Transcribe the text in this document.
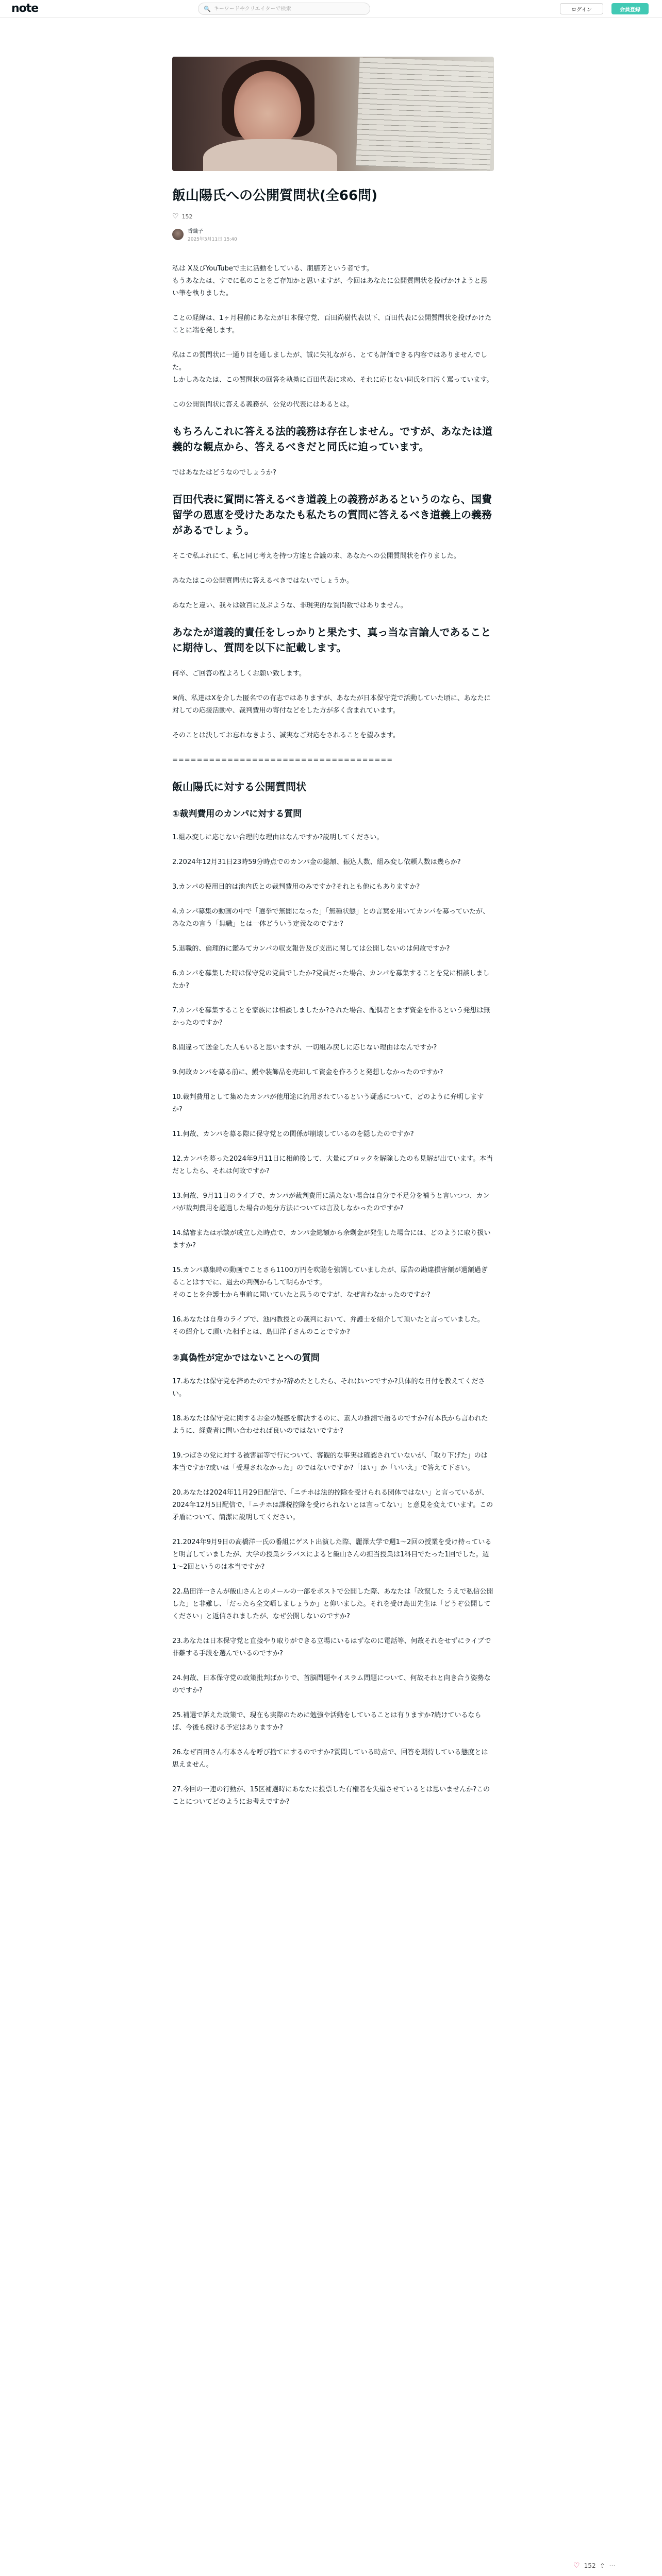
note	🔍
キーワードやクリエイターで検索	ログイン	会員登録
飯山陽氏への公開質問状(全66問)
♡ 152
香織子
2025年3月11日 15:40

私は X及びYouTubeで主に活動をしている、朋膳芳という者です。
もうあなたは、すでに私のことをご存知かと思いますが、今回はあなたに公開質問状を投げかけようと思い筆を執りました。

ことの経緯は、1ヶ月程前にあなたが日本保守党、百田尚樹代表以下、百田代表に公開質問状を投げかけたことに端を発します。

私はこの質問状に一通り目を通しましたが、誠に失礼ながら、とても評価できる内容ではありませんでした。
しかしあなたは、この質問状の回答を執拗に百田代表に求め、それに応じない同氏を口汚く罵っています。

この公開質問状に答える義務が、公党の代表にはあるとは。

もちろんこれに答える法的義務は存在しません。ですが、あなたは道義的な観点から、答えるべきだと同氏に迫っています。

ではあなたはどうなのでしょうか?

百田代表に質問に答えるべき道義上の義務があるというのなら、国費留学の恩恵を受けたあなたも私たちの質問に答えるべき道義上の義務があるでしょう。

そこで私ふれにて、私と同じ考えを持つ方達と合議の末、あなたへの公開質問状を作りました。

あなたはこの公開質問状に答えるべきではないでしょうか。

あなたと違い、我々は数百に及ぶような、非現実的な質問数ではありません。

あなたが道義的責任をしっかりと果たす、真っ当な言論人であることに期待し、質問を以下に記載します。

何卒、ご回答の程よろしくお願い致します。

※尚、私達はXを介した匿名での有志ではありますが、あなたが日本保守党で活動していた頃に、あなたに対しての応援活動や、裁判費用の寄付などをした方が多く含まれています。

そのことは決してお忘れなきよう、誠実なご対応をされることを望みます。

====================================

飯山陽氏に対する公開質問状
①裁判費用のカンパに対する質問

1.組み変しに応じない合理的な理由はなんですか?説明してください。

2.2024年12月31日23時59分時点でのカンパ金の総額、振込人数、組み変し依頼人数は幾らか?

3.カンパの使用目的は池内氏との裁判費用のみですか?それとも他にもありますか?

4.カンパ募集の動画の中で「選挙で無闇になった」「無種状態」との言葉を用いてカンパを募っていたが、あなたの言う「無職」とは一体どういう定義なのですか?

5.退職的、倫理的に鑑みてカンパの収支報告及び支出に関しては公開しないのは何故ですか?

6.カンパを募集した時は保守党の党員でしたか?党員だった場合、カンパを募集することを党に相談しましたか?

7.カンパを募集することを家族には相談しましたか?された場合、配偶者とまず資金を作るという発想は無かったのですか?

8.間違って送金した人もいると思いますが、一切組み戻しに応じない理由はなんですか?

9.何故カンパを募る前に、鰻や装飾品を売却して資金を作ろうと発想しなかったのですか?

10.裁判費用として集めたカンパが他用途に流用されているという疑惑について、どのように弁明しますか?

11.何故、カンパを募る際に保守党との関係が崩壊しているのを隠したのですか?

12.カンパを募った2024年9月11日に相前後して、大量にブロックを解除したのも見解が出ています。本当だとしたら、それは何故ですか?

13.何故、9月11日のライブで、カンパが裁判費用に満たない場合は自分で不足分を補うと言いつつ、カンパが裁判費用を超過した場合の処分方法については言及しなかったのですか?

14.結審または示談が成立した時点で、カンパ金総額から余剰金が発生した場合には、どのように取り扱いますか?

15.カンパ募集時の動画でことさら1100万円を吹聴を強調していましたが、原告の勘違損害額が過額過ぎることはすでに、過去の判例からして明らかです。
そのことを弁護士から事前に聞いていたと思うのですが、なぜ言わなかったのですか?

16.あなたは自身のライブで、池内教授との裁判において、弁護士を紹介して頂いたと言っていました。
その紹介して頂いた相手とは、島田洋子さんのことですか?

②真偽性が定かではないことへの質問

17.あなたは保守党を辞めたのですか?辞めたとしたら、それはいつですか?具体的な日付を教えてください。

18.あなたは保守党に関するお金の疑惑を解決するのに、素人の推測で語るのですか?有本氏から言われたように、経費者に問い合わせれば良いのではないですか?

19.つばさの党に対する被害届等で行について、客観的な事実は確認されていないが、「取り下げた」のは本当ですか?或いは「受理されなかった」のではないですか?「はい」か「いいえ」で答えて下さい。

20.あなたは2024年11月29日配信で、「ニチホは法的控除を受けられる団体ではない」と言っているが、2024年12月5日配信で、「ニチホは課税控除を受けられないとは言ってない」と意見を変えています。この矛盾について、簡潔に説明してください。

21.2024年9月9日の高橋洋一氏の番組にゲスト出演した際、麗澤大学で週1〜2回の授業を受け持っていると明言していましたが、大学の授業シラバスによると飯山さんの担当授業は1科目でたった1回でした。週1〜2回というのは本当ですか?

22.島田洋一さんが飯山さんとのメールの一部をポストで公開した際、あなたは「改竄した うえで私信公開した」と非難し、「だったら全文晒しましょうか」と仰いました。それを受け島田先生は「どうぞ公開してください」と返信されましたが、なぜ公開しないのですか?

23.あなたは日本保守党と直接やり取りができる立場にいるはずなのに電話等、何故それをせずにライブで非難する手段を選んでいるのですか?

24.何故、日本保守党の政策批判ばかりで、首脳問題やイスラム問題について、何故それと向き合う姿勢なのですか?

25.補選で訴えた政策で、現在も実際のために勉強や活動をしていることは有りますか?続けているならば、今後も続ける予定はありますか?

26.なぜ百田さん有本さんを呼び捨てにするのですか?質問している時点で、回答を期待している態度とは思えません。

27.今回の一連の行動が、15区補選時にあなたに投票した有権者を失望させているとは思いませんか?このことについてどのようにお考えですか?

♡ 152 ⇧ ⋯
